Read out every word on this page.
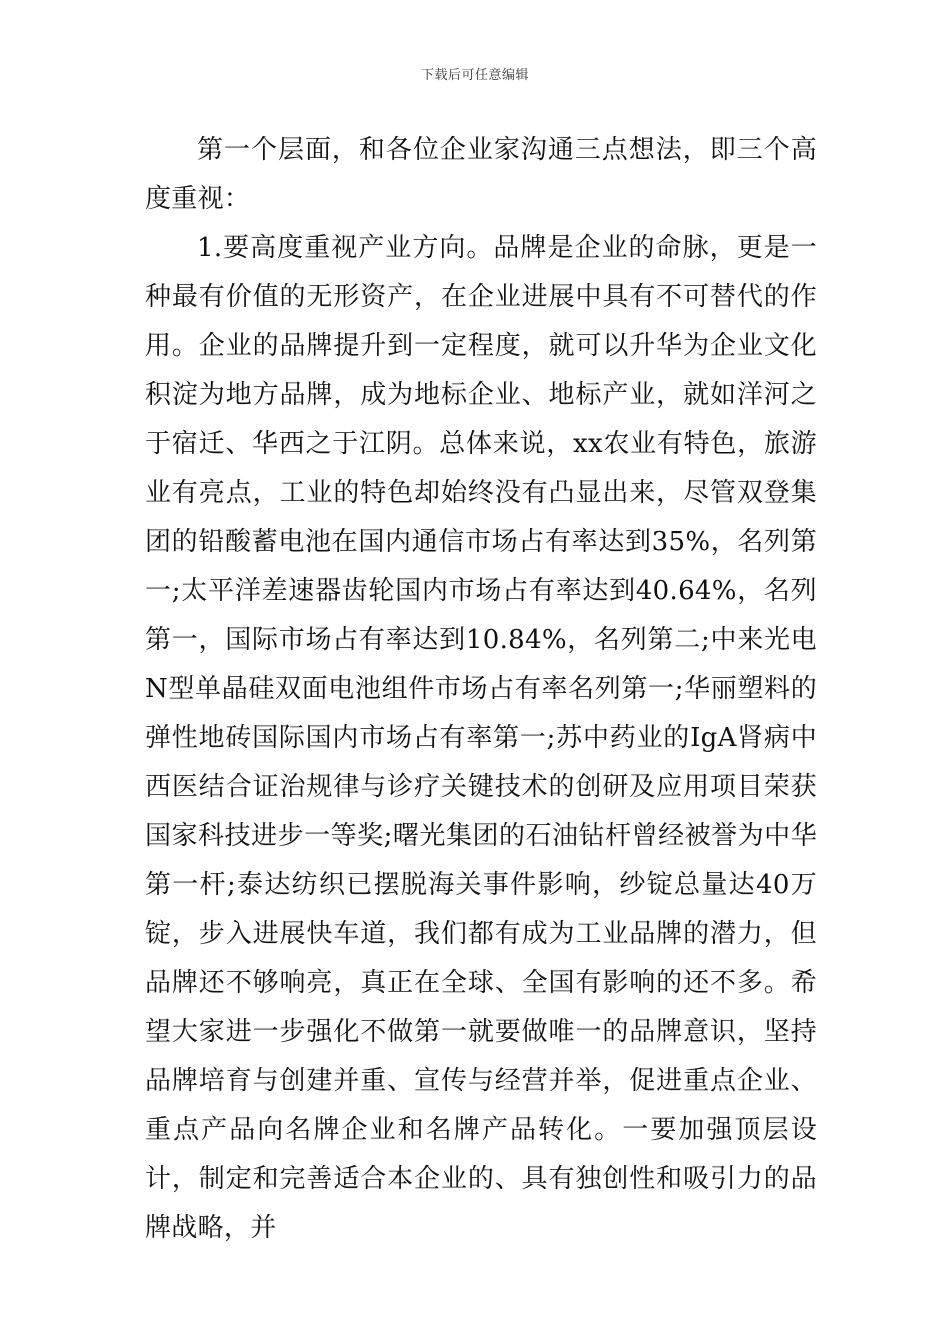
下载后可任意编辑

第一个层面，和各位企业家沟通三点想法，即三个高度重视：

1.要高度重视产业方向。品牌是企业的命脉，更是一种最有价值的无形资产，在企业进展中具有不可替代的作用。企业的品牌提升到一定程度，就可以升华为企业文化积淀为地方品牌，成为地标企业、地标产业，就如洋河之于宿迁、华西之于江阴。总体来说，xx农业有特色，旅游业有亮点，工业的特色却始终没有凸显出来，尽管双登集团的铅酸蓄电池在国内通信市场占有率达到35%，名列第一;太平洋差速器齿轮国内市场占有率达到40.64%，名列第一，国际市场占有率达到10.84%，名列第二;中来光电N型单晶硅双面电池组件市场占有率名列第一;华丽塑料的弹性地砖国际国内市场占有率第一;苏中药业的IgA肾病中西医结合证治规律与诊疗关键技术的创研及应用项目荣获国家科技进步一等奖;曙光集团的石油钻杆曾经被誉为中华第一杆;泰达纺织已摆脱海关事件影响，纱锭总量达40万锭，步入进展快车道，我们都有成为工业品牌的潜力，但品牌还不够响亮，真正在全球、全国有影响的还不多。希望大家进一步强化不做第一就要做唯一的品牌意识，坚持品牌培育与创建并重、宣传与经营并举，促进重点企业、重点产品向名牌企业和名牌产品转化。一要加强顶层设计，制定和完善适合本企业的、具有独创性和吸引力的品牌战略，并
